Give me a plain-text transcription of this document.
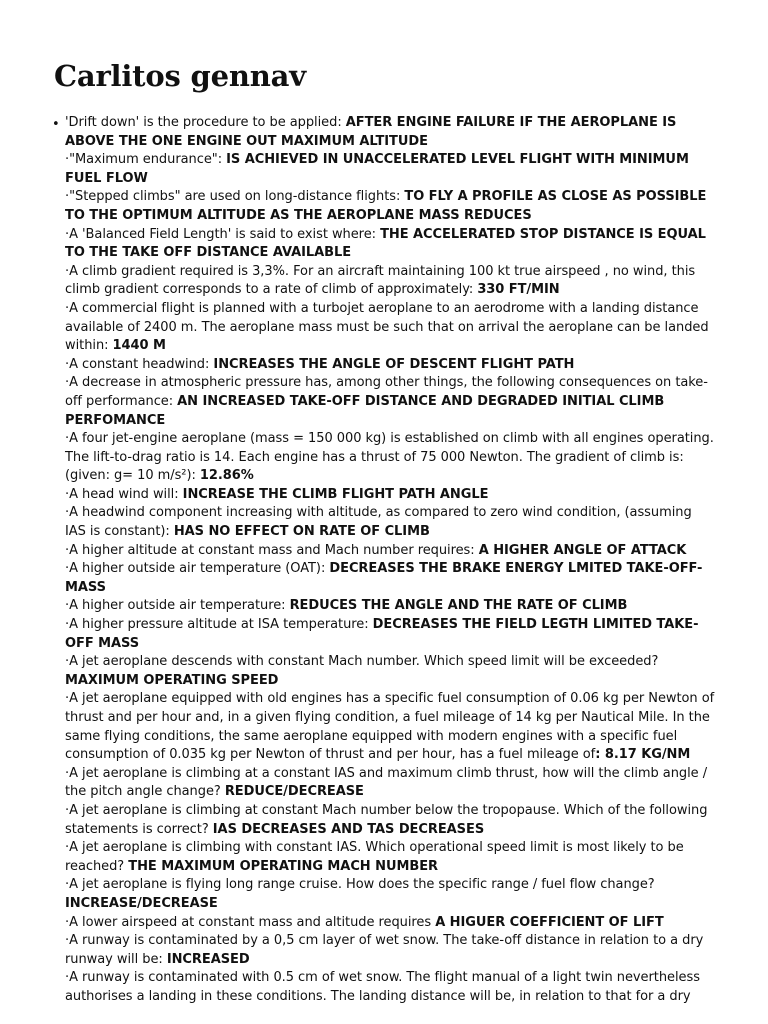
Carlitos gennav
• 'Drift down' is the procedure to be applied: AFTER ENGINE FAILURE IF THE AEROPLANE IS ABOVE THE ONE ENGINE OUT MAXIMUM ALTITUDE
·"Maximum endurance": IS ACHIEVED IN UNACCELERATED LEVEL FLIGHT WITH MINIMUM FUEL FLOW
·"Stepped climbs" are used on long-distance flights: TO FLY A PROFILE AS CLOSE AS POSSIBLE TO THE OPTIMUM ALTITUDE AS THE AEROPLANE MASS REDUCES
·A 'Balanced Field Length' is said to exist where: THE ACCELERATED STOP DISTANCE IS EQUAL TO THE TAKE OFF DISTANCE AVAILABLE
·A climb gradient required is 3,3%. For an aircraft maintaining 100 kt true airspeed , no wind, this climb gradient corresponds to a rate of climb of approximately: 330 FT/MIN
·A commercial flight is planned with a turbojet aeroplane to an aerodrome with a landing distance available of 2400 m. The aeroplane mass must be such that on arrival the aeroplane can be landed within: 1440 M
·A constant headwind: INCREASES THE ANGLE OF DESCENT FLIGHT PATH
·A decrease in atmospheric pressure has, among other things, the following consequences on take-off performance: AN INCREASED TAKE-OFF DISTANCE AND DEGRADED INITIAL CLIMB PERFOMANCE
·A four jet-engine aeroplane (mass = 150 000 kg) is established on climb with all engines operating. The lift-to-drag ratio is 14. Each engine has a thrust of 75 000 Newton. The gradient of climb is: (given: g= 10 m/s²): 12.86%
·A head wind will: INCREASE THE CLIMB FLIGHT PATH ANGLE
·A headwind component increasing with altitude, as compared to zero wind condition, (assuming IAS is constant): HAS NO EFFECT ON RATE OF CLIMB
·A higher altitude at constant mass and Mach number requires: A HIGHER ANGLE OF ATTACK
·A higher outside air temperature (OAT): DECREASES THE BRAKE ENERGY LMITED TAKE-OFF-MASS
·A higher outside air temperature: REDUCES THE ANGLE AND THE RATE OF CLIMB
·A higher pressure altitude at ISA temperature: DECREASES THE FIELD LEGTH LIMITED TAKE-OFF MASS
·A jet aeroplane descends with constant Mach number. Which speed limit will be exceeded? MAXIMUM OPERATING SPEED
·A jet aeroplane equipped with old engines has a specific fuel consumption of 0.06 kg per Newton of thrust and per hour and, in a given flying condition, a fuel mileage of 14 kg per Nautical Mile. In the same flying conditions, the same aeroplane equipped with modern engines with a specific fuel consumption of 0.035 kg per Newton of thrust and per hour, has a fuel mileage of: 8.17 KG/NM
·A jet aeroplane is climbing at a constant IAS and maximum climb thrust, how will the climb angle / the pitch angle change? REDUCE/DECREASE
·A jet aeroplane is climbing at constant Mach number below the tropopause. Which of the following statements is correct? IAS DECREASES AND TAS DECREASES
·A jet aeroplane is climbing with constant IAS. Which operational speed limit is most likely to be reached? THE MAXIMUM OPERATING MACH NUMBER
·A jet aeroplane is flying long range cruise. How does the specific range / fuel flow change? INCREASE/DECREASE
·A lower airspeed at constant mass and altitude requires A HIGUER COEFFICIENT OF LIFT
·A runway is contaminated by a 0,5 cm layer of wet snow. The take-off distance in relation to a dry runway will be: INCREASED
·A runway is contaminated with 0.5 cm of wet snow. The flight manual of a light twin nevertheless authorises a landing in these conditions. The landing distance will be, in relation to that for a dry
